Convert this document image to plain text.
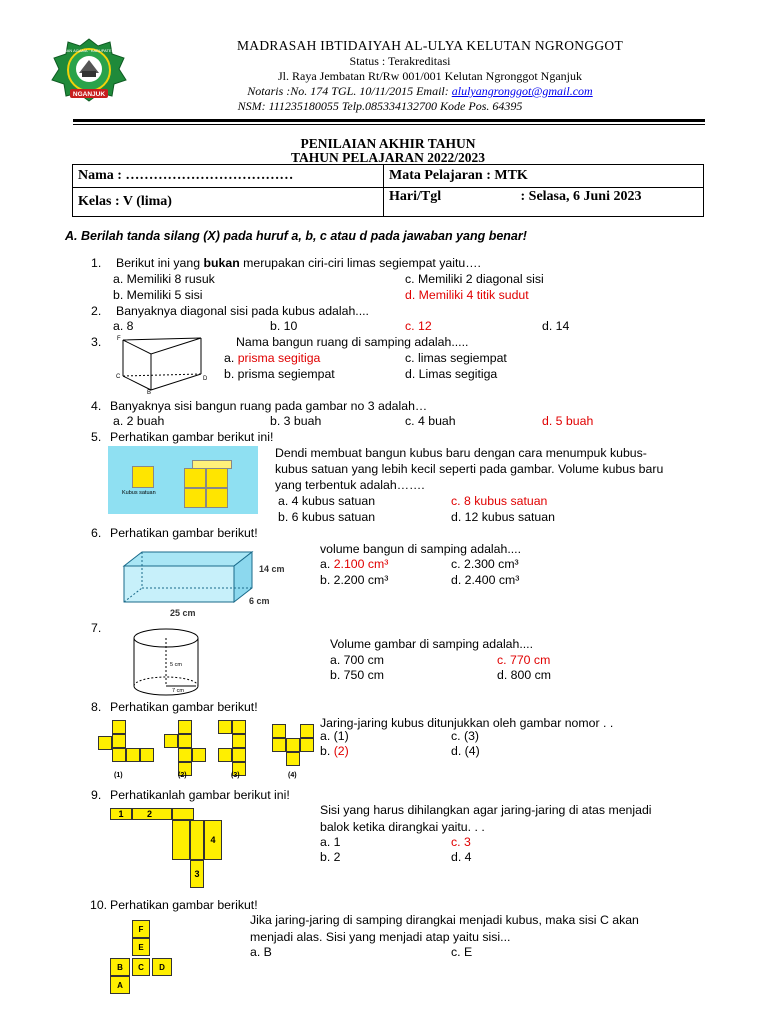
KEMENTERIAN AGAMA · KABUPATEN NGANJUK
NGANJUK
MADRASAH IBTIDAIYAH AL-ULYA KELUTAN NGRONGGOT
Status : Terakreditasi
Jl. Raya Jembatan Rt/Rw 001/001 Kelutan Ngronggot Nganjuk
Notaris :No. 174 TGL. 10/11/2015 Email: alulyangronggot@gmail.com
NSM: 111235180055 Telp.085334132700 Kode Pos. 64395
PENILAIAN AKHIR TAHUN
TAHUN PELAJARAN 2022/2023
Nama : ………………………………	Mata Pelajaran : MTK
Kelas : V (lima)	Hari/Tgl : Selasa, 6 Juni 2023
A. Berilah tanda silang (X) pada huruf a, b, c atau d pada jawaban yang benar!
1. Berikut ini yang bukan merupakan ciri-ciri limas segiempat yaitu….
a. Memiliki 8 rusuk	c. Memiliki 2 diagonal sisi
b. Memiliki 5 sisi	d. Memiliki 4 titik sudut
2. Banyaknya diagonal sisi pada kubus adalah....
a. 8	b. 10	c. 12	d. 14
3.	F
C	D
B
Nama bangun ruang di samping adalah.....
a. prisma segitiga	c. limas segiempat
b. prisma segiempat	d. Limas segitiga
4. Banyaknya sisi bangun ruang pada gambar no 3 adalah…
a. 2 buah	b. 3 buah	c. 4 buah	d. 5 buah
5. Perhatikan gambar berikut ini!
Kubus satuan
Dendi membuat bangun kubus baru dengan cara menumpuk kubus-
kubus satuan yang lebih kecil seperti pada gambar. Volume kubus baru
yang terbentuk adalah…….
a. 4 kubus satuan	c. 8 kubus satuan
b. 6 kubus satuan	d. 12 kubus satuan
6. Perhatikan gambar berikut!
14 cm
6 cm
25 cm
volume bangun di samping adalah....
a. 2.100 cm³	c. 2.300 cm³
b. 2.200 cm³	d. 2.400 cm³
7.
5 cm
7 cm
Volume gambar di samping adalah....
a. 700 cm	c. 770 cm
b. 750 cm	d. 800 cm
8. Perhatikan gambar berikut!
(1)	(2)	(3)	(4)
Jaring-jaring kubus ditunjukkan oleh gambar nomor . .
a. (1)	c. (3)
b. (2)	d. (4)
9. Perhatikanlah gambar berikut ini!
1	2
4
3
Sisi yang harus dihilangkan agar jaring-jaring di atas menjadi
balok ketika dirangkai yaitu. . .
a. 1	c. 3
b. 2	d. 4
10. Perhatikan gambar berikut!
F
E
B	C	D
A
Jika jaring-jaring di samping dirangkai menjadi kubus, maka sisi C akan
menjadi alas. Sisi yang menjadi atap yaitu sisi...
a. B	c. E
